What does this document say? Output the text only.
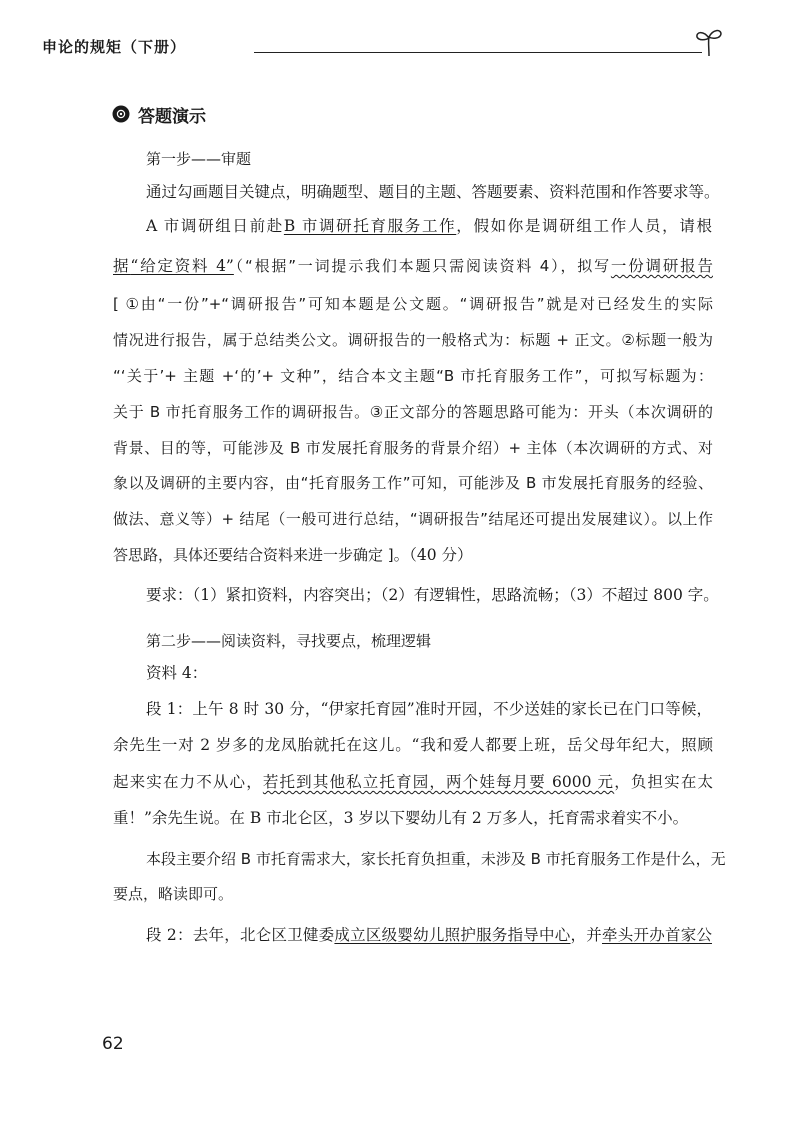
申论的规矩（下册）
答题演示
第一步——审题
通过勾画题目关键点，明确题型、题目的主题、答题要素、资料范围和作答要求等。
A 市调研组日前赴B 市调研托育服务工作，假如你是调研组工作人员，请根
据“给定资料 4”（“根据”一词提示我们本题只需阅读资料 4），拟写一份调研报告
[ ①由“一份”+“调研报告”可知本题是公文题。“调研报告”就是对已经发生的实际
情况进行报告，属于总结类公文。调研报告的一般格式为：标题 + 正文。②标题一般为
“‘关于’+ 主题 +‘的’+ 文种”，结合本文主题“B 市托育服务工作”，可拟写标题为：
关于 B 市托育服务工作的调研报告。③正文部分的答题思路可能为：开头（本次调研的
背景、目的等，可能涉及 B 市发展托育服务的背景介绍）+ 主体（本次调研的方式、对
象以及调研的主要内容，由“托育服务工作”可知，可能涉及 B 市发展托育服务的经验、
做法、意义等）+ 结尾（一般可进行总结，“调研报告”结尾还可提出发展建议）。以上作
答思路，具体还要结合资料来进一步确定 ]。（40 分）
要求：（1）紧扣资料，内容突出；（2）有逻辑性，思路流畅；（3）不超过 800 字。
第二步——阅读资料，寻找要点，梳理逻辑
资料 4：
段 1：上午 8 时 30 分，“伊家托育园”准时开园，不少送娃的家长已在门口等候，
余先生一对 2 岁多的龙凤胎就托在这儿。“我和爱人都要上班，岳父母年纪大，照顾
起来实在力不从心，若托到其他私立托育园，两个娃每月要 6000 元，负担实在太
重！”余先生说。在 B 市北仑区，3 岁以下婴幼儿有 2 万多人，托育需求着实不小。
本段主要介绍 B 市托育需求大，家长托育负担重，未涉及 B 市托育服务工作是什么，无
要点，略读即可。
段 2：去年，北仑区卫健委成立区级婴幼儿照护服务指导中心，并牵头开办首家公
62
